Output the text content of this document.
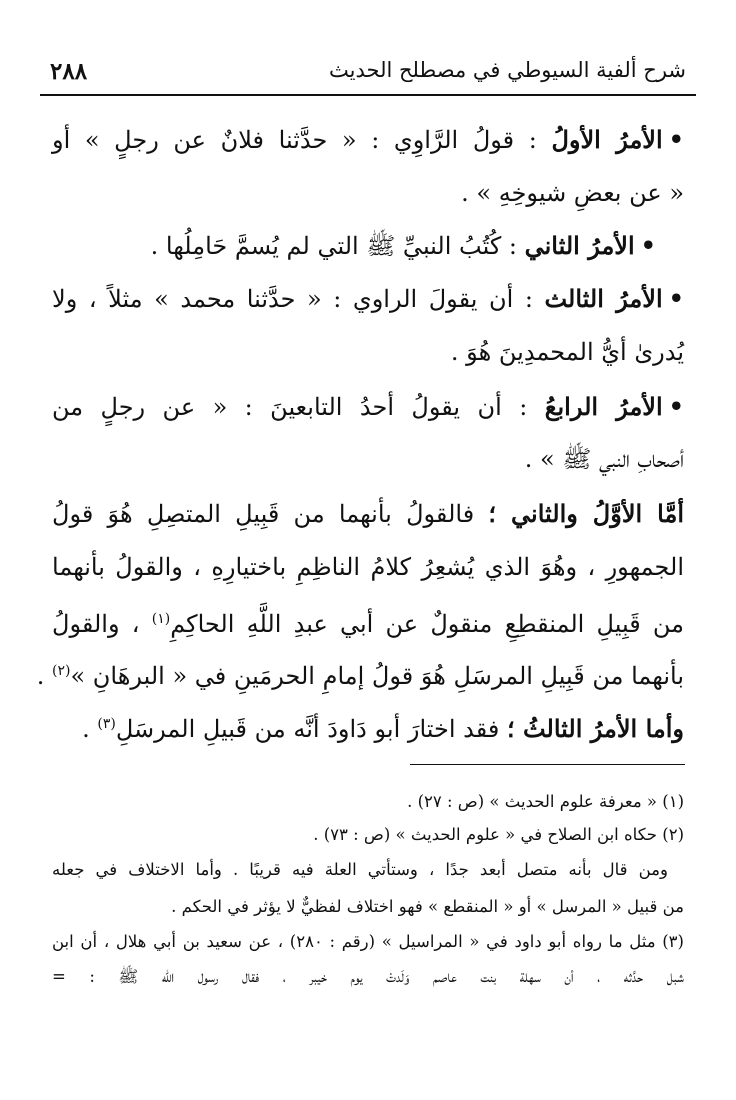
شرح ألفية السيوطي في مصطلح الحديث
٢٨٨
•الأمرُ الأولُ : قولُ الرَّاوِي : « حدَّثنا فلانٌ عن رجلٍ » أو
« عن بعضِ شيوخِهِ » .
•الأمرُ الثاني : كُتُبُ النبيِّ ﷺ التي لم يُسمَّ حَامِلُها .
•الأمرُ الثالث : أن يقولَ الراوي : « حدَّثنا محمد » مثلاً ، ولا
يُدرىٰ أيُّ المحمدِينَ هُوَ .
•الأمرُ الرابعُ : أن يقولُ أحدُ التابعينَ : « عن رجلٍ من
أصحابِ النبي ﷺ » .
أمَّا الأوَّلُ والثاني ؛ فالقولُ بأنهما من قَبِيلِ المتصِلِ هُوَ قولُ
الجمهورِ ، وهُوَ الذي يُشعِرُ كلامُ الناظِمِ باختيارِهِ ، والقولُ بأنهما
من قَبِيلِ المنقطِعِ منقولٌ عن أبي عبدِ اللَّهِ الحاكِمِ$^{(١)}$ ، والقولُ
بأنهما من قَبِيلِ المرسَلِ هُوَ قولُ إمامِ الحرمَينِ في « البرهَانِ »$^{(٢)}$ .
وأما الأمرُ الثالثُ ؛ فقد اختارَ أبو دَاودَ أنَّه من قَبيلِ المرسَلِ$^{(٣)}$ .
(١) « معرفة علوم الحديث » (ص : ٢٧) .
(٢) حكاه ابن الصلاح في « علوم الحديث » (ص : ٧٣) .
ومن قال بأنه متصل أبعد جدًا ، وستأتي العلة فيه قريبًا . وأما الاختلاف في جعله
من قبيل « المرسل » أو « المنقطع » فهو اختلاف لفظيٌّ لا يؤثر في الحكم .
(٣) مثل ما رواه أبو داود في « المراسيل » (رقم : ٢٨٠) ، عن سعيد بن أبي هلال ، أن ابن
شبل حدَّثه ، أن سهلة بنت عاصم وَلَدتْ يوم خيبر ، فقال رسول الله ﷺ : =
